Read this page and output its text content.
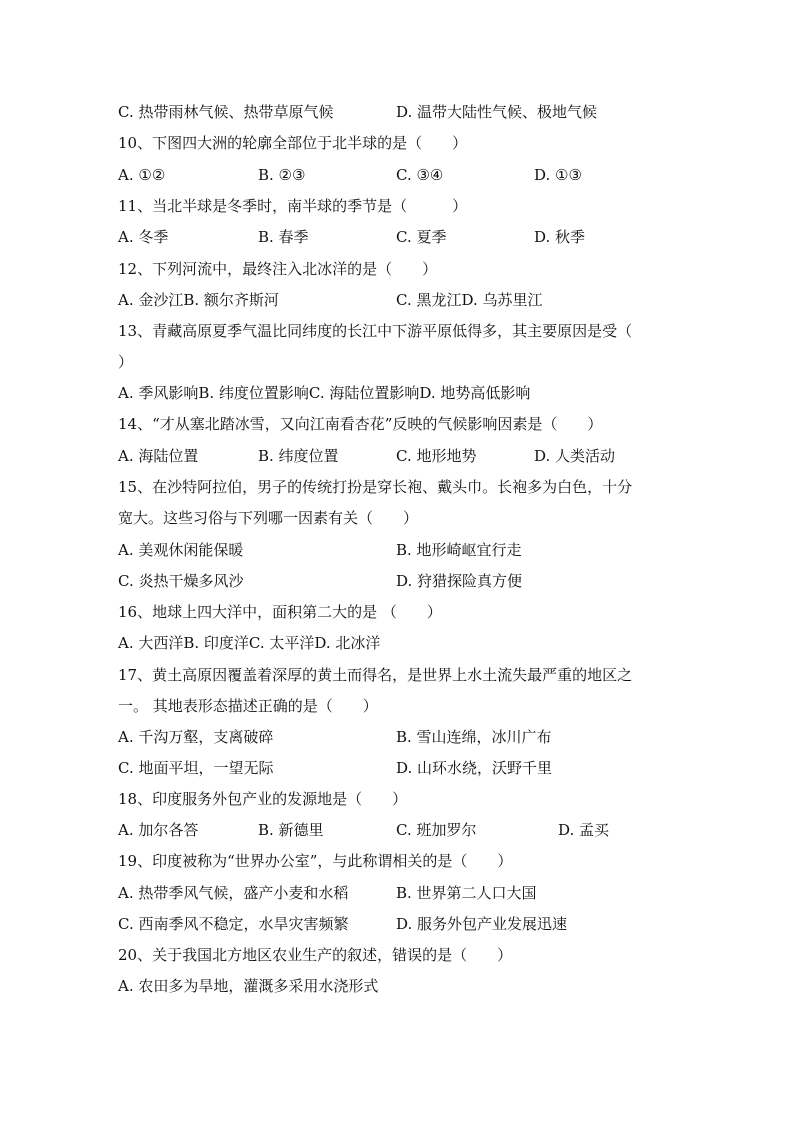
C. 热带雨林气候、热带草原气候	D. 温带大陆性气候、极地气候
10、下图四大洲的轮廓全部位于北半球的是（　　）
A. ①②	B. ②③	C. ③④	D. ①③
11、当北半球是冬季时，南半球的季节是（　　　）
A. 冬季	B. 春季	C. 夏季	D. 秋季
12、下列河流中，最终注入北冰洋的是（　　）
A. 金沙江B. 额尔齐斯河	C. 黑龙江D. 乌苏里江
13、青藏高原夏季气温比同纬度的长江中下游平原低得多，其主要原因是受（
）
A. 季风影响B. 纬度位置影响C. 海陆位置影响D. 地势高低影响
14、“才从塞北踏冰雪，又向江南看杏花”反映的气候影响因素是（　　）
A. 海陆位置	B. 纬度位置	C. 地形地势	D. 人类活动
15、在沙特阿拉伯，男子的传统打扮是穿长袍、戴头巾。长袍多为白色，十分
宽大。这些习俗与下列哪一因素有关（　　）
A. 美观休闲能保暖	B. 地形崎岖宜行走
C. 炎热干燥多风沙	D. 狩猎探险真方便
16、地球上四大洋中，面积第二大的是 （　　）
A. 大西洋B. 印度洋C. 太平洋D. 北冰洋
17、黄土高原因覆盖着深厚的黄土而得名，是世界上水土流失最严重的地区之
一。 其地表形态描述正确的是（　　）
A. 千沟万壑，支离破碎	B. 雪山连绵，冰川广布
C. 地面平坦，一望无际	D. 山环水绕，沃野千里
18、印度服务外包产业的发源地是（　　）
A. 加尔各答	B. 新德里	C. 班加罗尔	D. 孟买
19、印度被称为“世界办公室”，与此称谓相关的是（　　）
A. 热带季风气候，盛产小麦和水稻	B. 世界第二人口大国
C. 西南季风不稳定，水旱灾害频繁	D. 服务外包产业发展迅速
20、关于我国北方地区农业生产的叙述，错误的是（　　）
A. 农田多为旱地，灌溉多采用水浇形式
